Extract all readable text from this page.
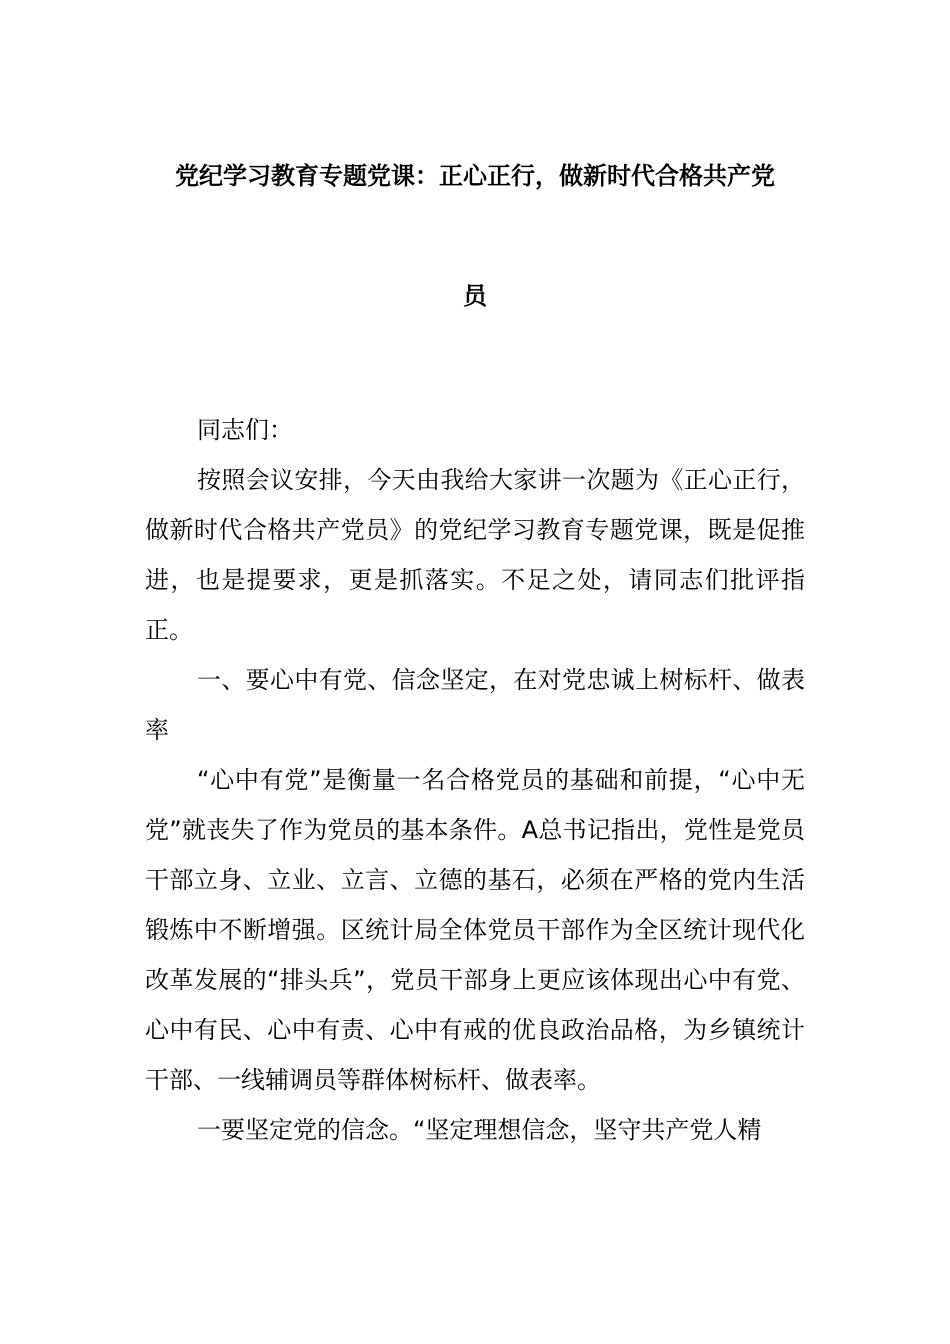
党纪学习教育专题党课：正心正行，做新时代合格共产党
员

同志们：

按照会议安排，今天由我给大家讲一次题为《正心正行，做新时代合格共产党员》的党纪学习教育专题党课，既是促推进，也是提要求，更是抓落实。不足之处，请同志们批评指正。

一、要心中有党、信念坚定，在对党忠诚上树标杆、做表率

“心中有党”是衡量一名合格党员的基础和前提，“心中无党”就丧失了作为党员的基本条件。A总书记指出，党性是党员干部立身、立业、立言、立德的基石，必须在严格的党内生活锻炼中不断增强。区统计局全体党员干部作为全区统计现代化改革发展的“排头兵”，党员干部身上更应该体现出心中有党、心中有民、心中有责、心中有戒的优良政治品格，为乡镇统计干部、一线辅调员等群体树标杆、做表率。

一要坚定党的信念。“坚定理想信念，坚守共产党人精
